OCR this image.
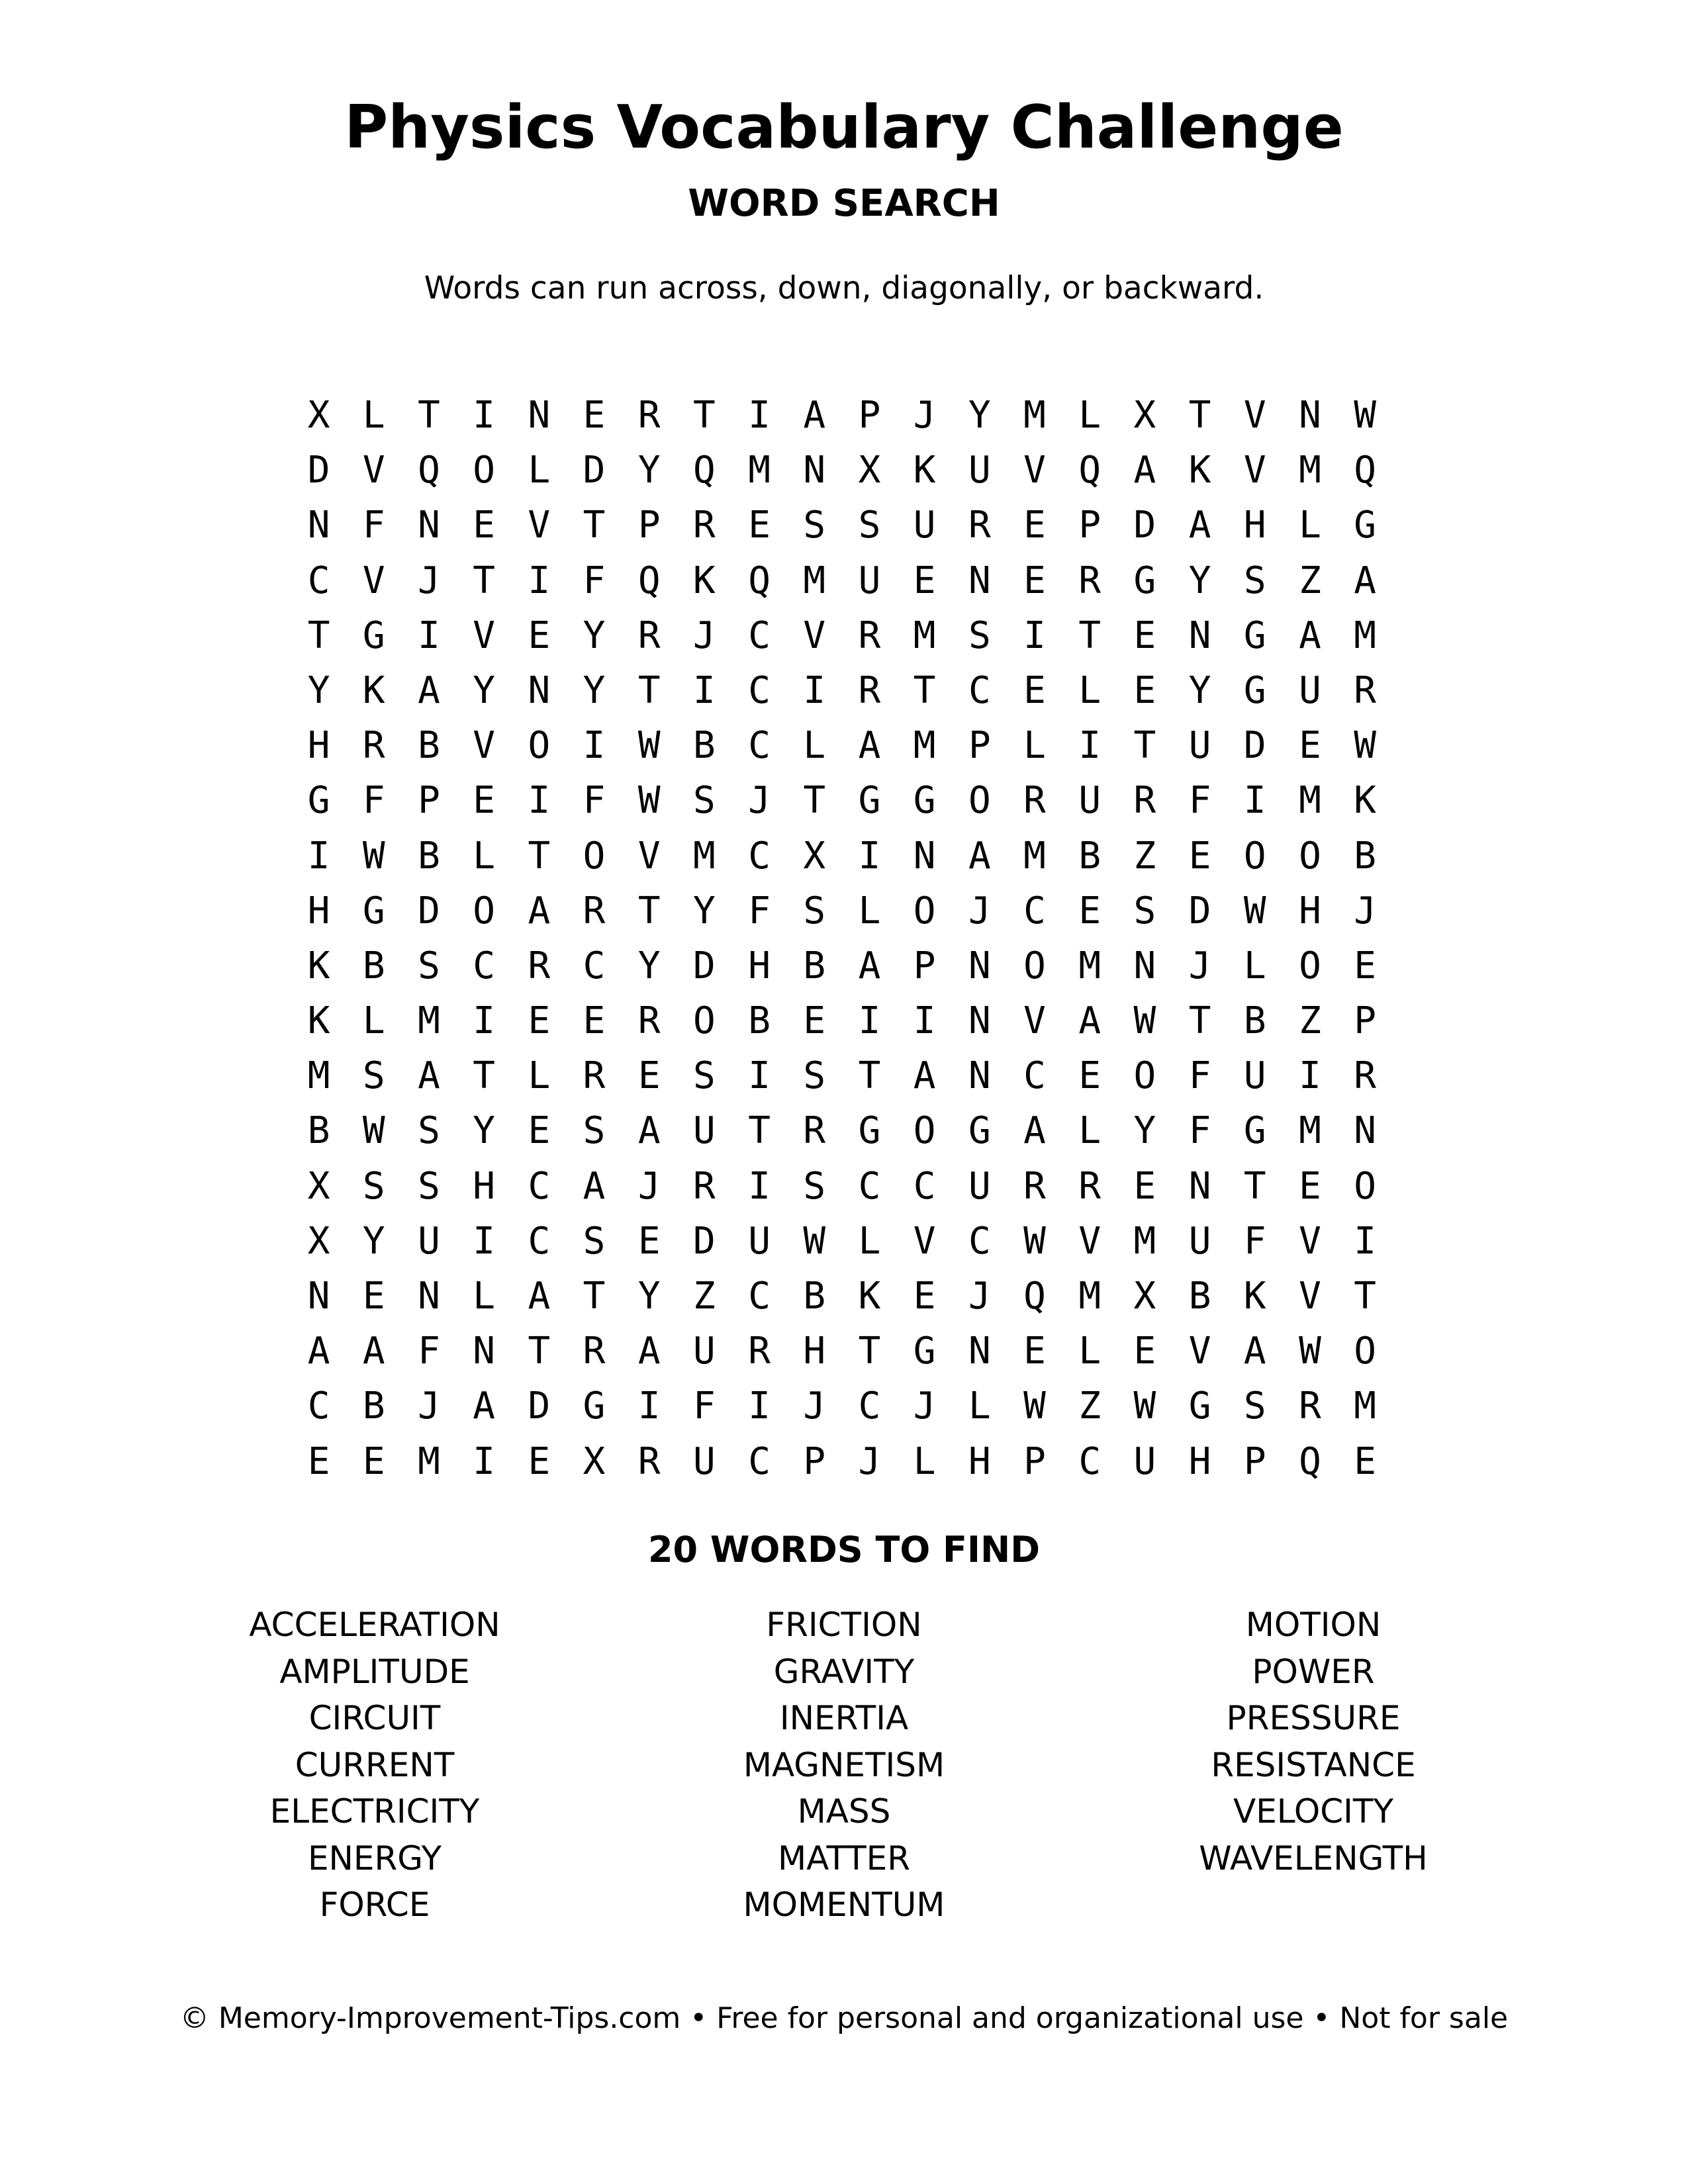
Physics Vocabulary Challenge
WORD SEARCH

Words can run across, down, diagonally, or backward.

X L T I N E R T I A P J Y M L X T V N W
D V Q O L D Y Q M N X K U V Q A K V M Q
N F N E V T P R E S S U R E P D A H L G
C V J T I F Q K Q M U E N E R G Y S Z A
T G I V E Y R J C V R M S I T E N G A M
Y K A Y N Y T I C I R T C E L E Y G U R
H R B V O I W B C L A M P L I T U D E W
G F P E I F W S J T G G O R U R F I M K
I W B L T O V M C X I N A M B Z E O O B
H G D O A R T Y F S L O J C E S D W H J
K B S C R C Y D H B A P N O M N J L O E
K L M I E E R O B E I I N V A W T B Z P
M S A T L R E S I S T A N C E O F U I R
B W S Y E S A U T R G O G A L Y F G M N
X S S H C A J R I S C C U R R E N T E O
X Y U I C S E D U W L V C W V M U F V I
N E N L A T Y Z C B K E J Q M X B K V T
A A F N T R A U R H T G N E L E V A W O
C B J A D G I F I J C J L W Z W G S R M
E E M I E X R U C P J L H P C U H P Q E
20 WORDS TO FIND
ACCELERATION
AMPLITUDE
CIRCUIT
CURRENT
ELECTRICITY
ENERGY
FORCE
FRICTION
GRAVITY
INERTIA
MAGNETISM
MASS
MATTER
MOMENTUM
MOTION
POWER
PRESSURE
RESISTANCE
VELOCITY
WAVELENGTH

© Memory-Improvement-Tips.com • Free for personal and organizational use • Not for sale
